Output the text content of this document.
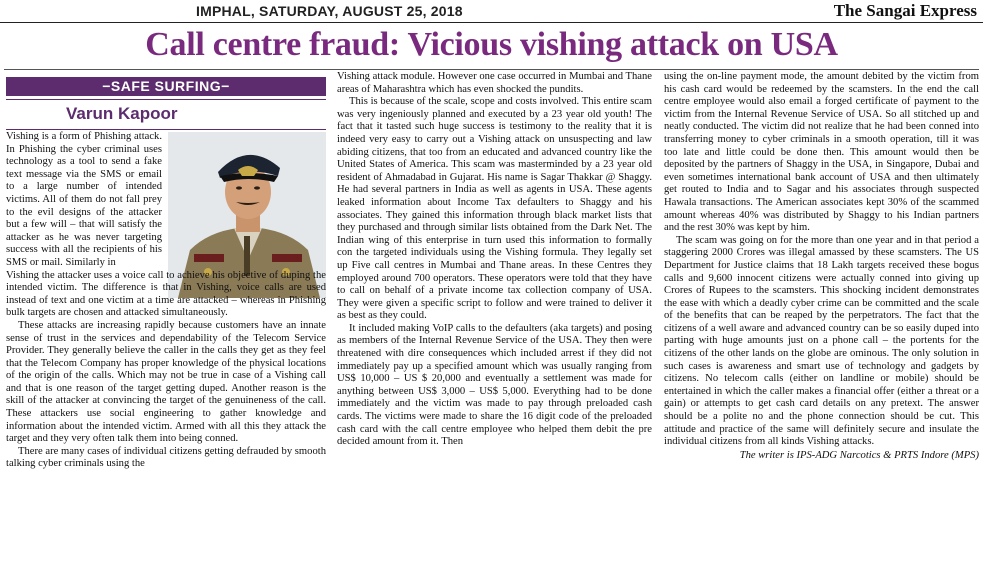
IMPHAL, SATURDAY, AUGUST 25, 2018	The Sangai Express
Call centre fraud: Vicious vishing attack on USA
−SAFE SURFING−
Varun Kapoor

Vishing is a form of Phishing attack. In Phishing the cyber criminal uses technology as a tool to send a fake text message via the SMS or email to a large number of intended victims. All of them do not fall prey to the evil designs of the attacker but a few will – that will satisfy the attacker as he was never targeting success with all the recipients of his SMS or mail. Similarly in

Vishing the attacker uses a voice call to achieve his objective of duping the intended victim. The difference is that in Vishing, voice calls are used instead of text and one victim at a time are attacked – whereas in Phishing bulk targets are chosen and attacked simultaneously.

These attacks are increasing rapidly because customers have an innate sense of trust in the services and dependability of the Telecom Service Provider. They generally believe the caller in the calls they get as they feel that the Telecom Company has proper knowledge of the physical locations of the origin of the calls. Which may not be true in case of a Vishing call and that is one reason of the target getting duped. Another reason is the skill of the attacker at convincing the target of the genuineness of the call. These attackers use social engineering to gather knowledge and information about the intended victim. Armed with all this they attack the target and they very often talk them into being conned.

There are many cases of individual citizens getting defrauded by smooth talking cyber criminals using the

Vishing attack module. However one case occurred in Mumbai and Thane areas of Maharashtra which has even shocked the pundits.

This is because of the scale, scope and costs involved. This entire scam was very ingeniously planned and executed by a 23 year old youth! The fact that it tasted such huge success is testimony to the reality that it is indeed very easy to carry out a Vishing attack on unsuspecting and law abiding citizens, that too from an educated and advanced country like the United States of America. This scam was masterminded by a 23 year old resident of Ahmadabad in Gujarat. His name is Sagar Thakkar @ Shaggy. He had several partners in India as well as agents in USA. These agents leaked information about Income Tax defaulters to Shaggy and his associates. They gained this information through black market lists that they purchased and through similar lists obtained from the Dark Net. The Indian wing of this enterprise in turn used this information to formally con the targeted individuals using the Vishing formula. They legally set up Five call centres in Mumbai and Thane areas. In these Centres they employed around 700 operators. These operators were told that they have to call on behalf of a private income tax collection company of USA. They were given a specific script to follow and were trained to deliver it as best as they could.

It included making VoIP calls to the defaulters (aka targets) and posing as members of the Internal Revenue Service of the USA. They then were threatened with dire consequences which included arrest if they did not immediately pay up a specified amount which was usually ranging from US$ 10,000 – US $ 20,000 and eventually a settlement was made for anything between US$ 3,000 – US$ 5,000. Everything had to be done immediately and the victim was made to pay through preloaded cash cards. The victims were made to share the 16 digit code of the preloaded cash card with the call centre employee who helped them debit the pre decided amount from it. Then

using the on-line payment mode, the amount debited by the victim from his cash card would be redeemed by the scamsters. In the end the call centre employee would also email a forged certificate of payment to the victim from the Internal Revenue Service of USA. So all stitched up and neatly conducted. The victim did not realize that he had been conned into transferring money to cyber criminals in a smooth operation, till it was too late and little could be done then. This amount would then be deposited by the partners of Shaggy in the USA, in Singapore, Dubai and even sometimes international bank account of USA and then ultimately get routed to India and to Sagar and his associates through suspected Hawala transactions. The American associates kept 30% of the scammed amount whereas 40% was distributed by Shaggy to his Indian partners and the rest 30% was kept by him.

The scam was going on for the more than one year and in that period a staggering 2000 Crores was illegal amassed by these scamsters. The US Department for Justice claims that 18 Lakh targets received these bogus calls and 9,600 innocent citizens were actually conned into giving up Crores of Rupees to the scamsters. This shocking incident demonstrates the ease with which a deadly cyber crime can be committed and the scale of the benefits that can be reaped by the perpetrators. The fact that the citizens of a well aware and advanced country can be so easily duped into parting with huge amounts just on a phone call – the portents for the citizens of the other lands on the globe are ominous. The only solution in such cases is awareness and smart use of technology and gadgets by citizens. No telecom calls (either on landline or mobile) should be entertained in which the caller makes a financial offer (either a threat or a gain) or attempts to get cash card details on any pretext. The answer should be a polite no and the phone connection should be cut. This attitude and practice of the same will definitely secure and insulate the individual citizens from all kinds Vishing attacks.

The writer is IPS-ADG Narcotics & PRTS Indore (MPS)
